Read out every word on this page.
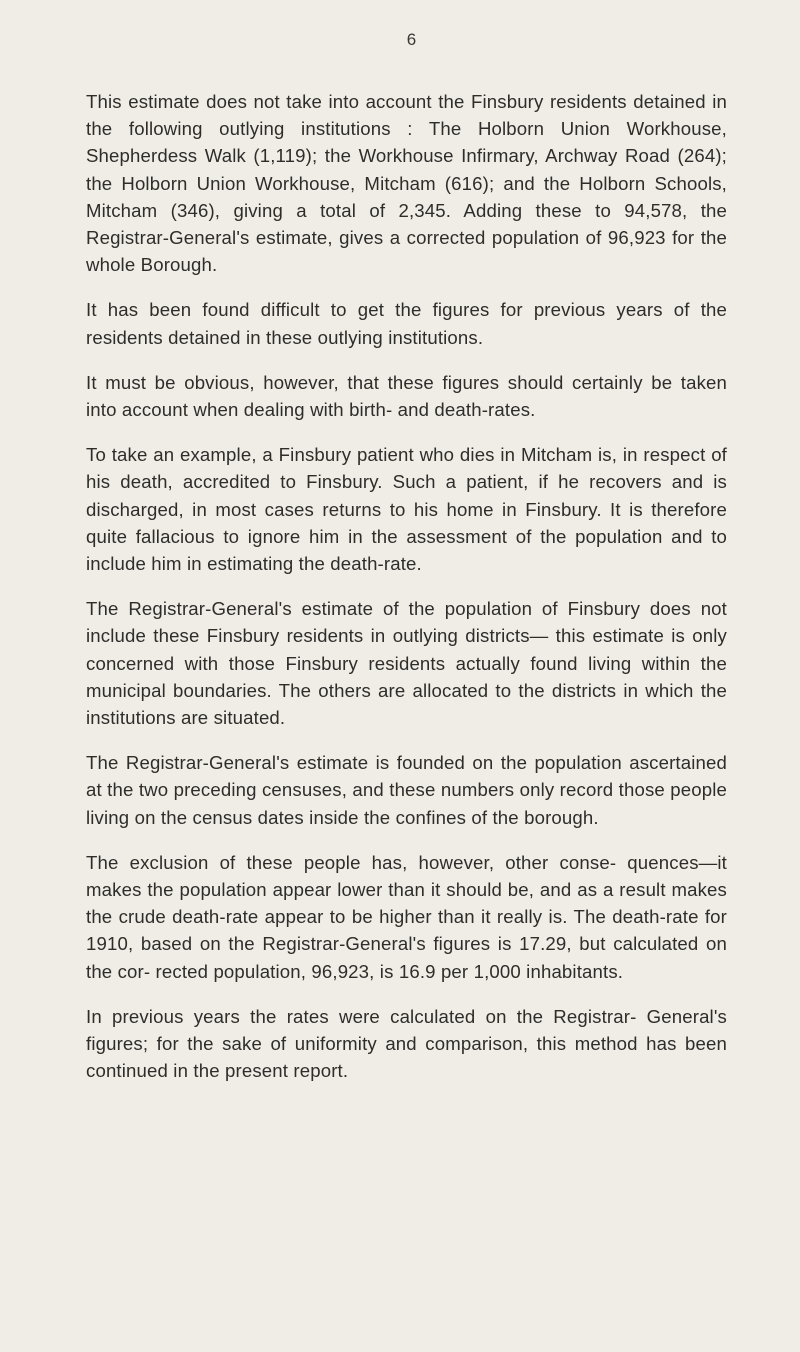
6

This estimate does not take into account the Finsbury residents detained in the following outlying institutions : The Holborn Union Workhouse, Shepherdess Walk (1,119); the Workhouse Infirmary, Archway Road (264); the Holborn Union Workhouse, Mitcham (616); and the Holborn Schools, Mitcham (346), giving a total of 2,345. Adding these to 94,578, the Registrar-General's estimate, gives a corrected population of 96,923 for the whole Borough.

It has been found difficult to get the figures for previous years of the residents detained in these outlying institutions.

It must be obvious, however, that these figures should certainly be taken into account when dealing with birth- and death-rates.

To take an example, a Finsbury patient who dies in Mitcham is, in respect of his death, accredited to Finsbury. Such a patient, if he recovers and is discharged, in most cases returns to his home in Finsbury. It is therefore quite fallacious to ignore him in the assessment of the population and to include him in estimating the death-rate.

The Registrar-General's estimate of the population of Finsbury does not include these Finsbury residents in outlying districts— this estimate is only concerned with those Finsbury residents actually found living within the municipal boundaries. The others are allocated to the districts in which the institutions are situated.

The Registrar-General's estimate is founded on the population ascertained at the two preceding censuses, and these numbers only record those people living on the census dates inside the confines of the borough.

The exclusion of these people has, however, other conse- quences—it makes the population appear lower than it should be, and as a result makes the crude death-rate appear to be higher than it really is. The death-rate for 1910, based on the Registrar-General's figures is 17.29, but calculated on the cor- rected population, 96,923, is 16.9 per 1,000 inhabitants.

In previous years the rates were calculated on the Registrar- General's figures; for the sake of uniformity and comparison, this method has been continued in the present report.
